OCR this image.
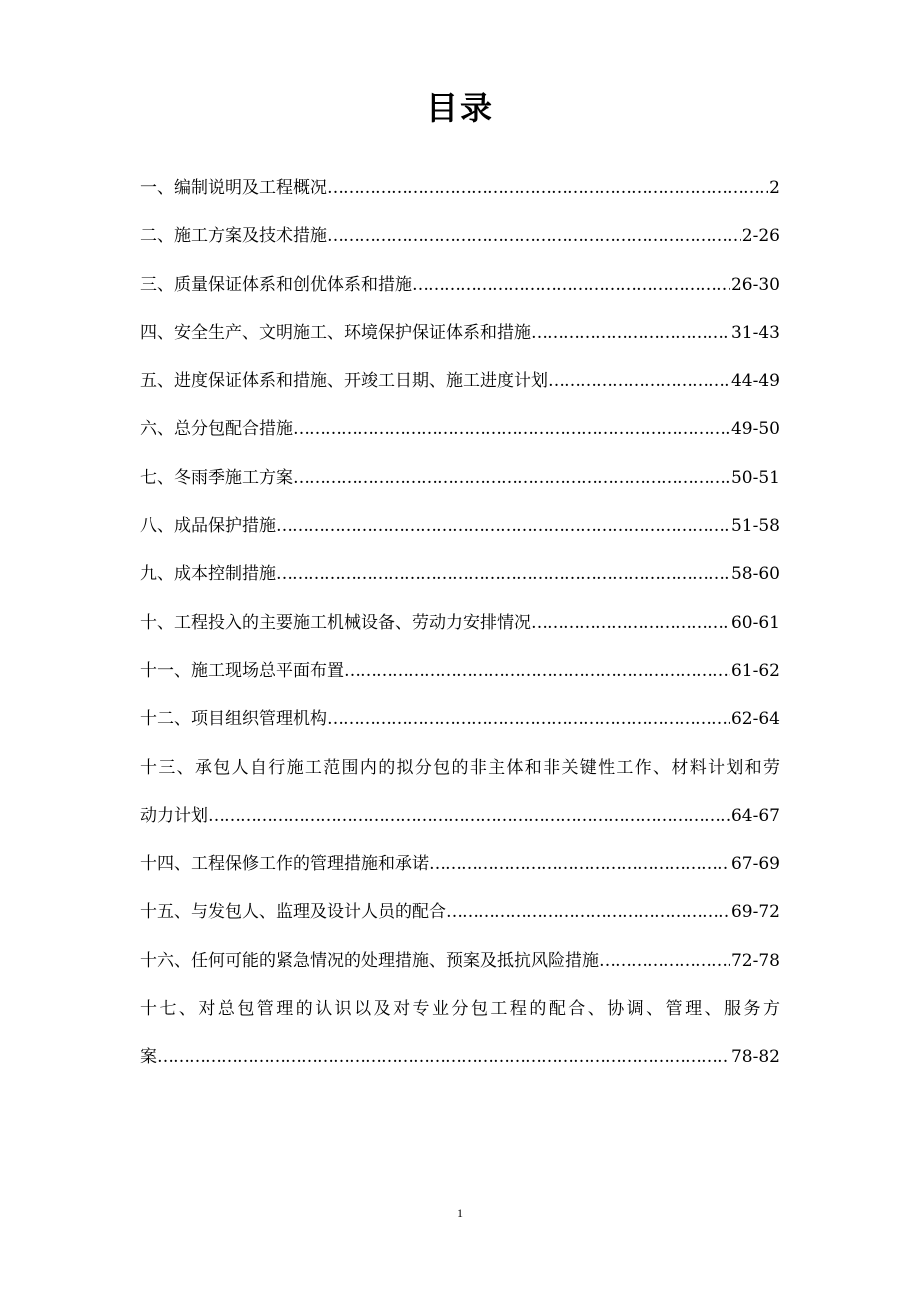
目录
一、编制说明及工程概况 …………………………………………………………………………………………………………………………………………………………………………	2
二、施工方案及技术措施 …………………………………………………………………………………………………………………………………………………………………………	2-26
三、质量保证体系和创优体系和措施 …………………………………………………………………………………………………………………………………………………………………………	26-30
四、安全生产、文明施工、环境保护保证体系和措施 …………………………………………………………………………………………………………………………………………………………………………	31-43
五、进度保证体系和措施、开竣工日期、施工进度计划 …………………………………………………………………………………………………………………………………………………………………………	44-49
六、总分包配合措施 …………………………………………………………………………………………………………………………………………………………………………	49-50
七、冬雨季施工方案 …………………………………………………………………………………………………………………………………………………………………………	50-51
八、成品保护措施 …………………………………………………………………………………………………………………………………………………………………………	51-58
九、成本控制措施 …………………………………………………………………………………………………………………………………………………………………………	58-60
十、工程投入的主要施工机械设备、劳动力安排情况 …………………………………………………………………………………………………………………………………………………………………………	60-61
十一、施工现场总平面布置 …………………………………………………………………………………………………………………………………………………………………………	61-62
十二、项目组织管理机构 …………………………………………………………………………………………………………………………………………………………………………	62-64
十三、承包人自行施工范围内的拟分包的非主体和非关键性工作、材料计划和劳
动力计划 …………………………………………………………………………………………………………………………………………………………………………	64-67
十四、工程保修工作的管理措施和承诺 …………………………………………………………………………………………………………………………………………………………………………	67-69
十五、与发包人、监理及设计人员的配合 …………………………………………………………………………………………………………………………………………………………………………	69-72
十六、任何可能的紧急情况的处理措施、预案及抵抗风险措施 …………………………………………………………………………………………………………………………………………………………………………	72-78
十七、对总包管理的认识以及对专业分包工程的配合、协调、管理、服务方
案 …………………………………………………………………………………………………………………………………………………………………………	78-82
1
